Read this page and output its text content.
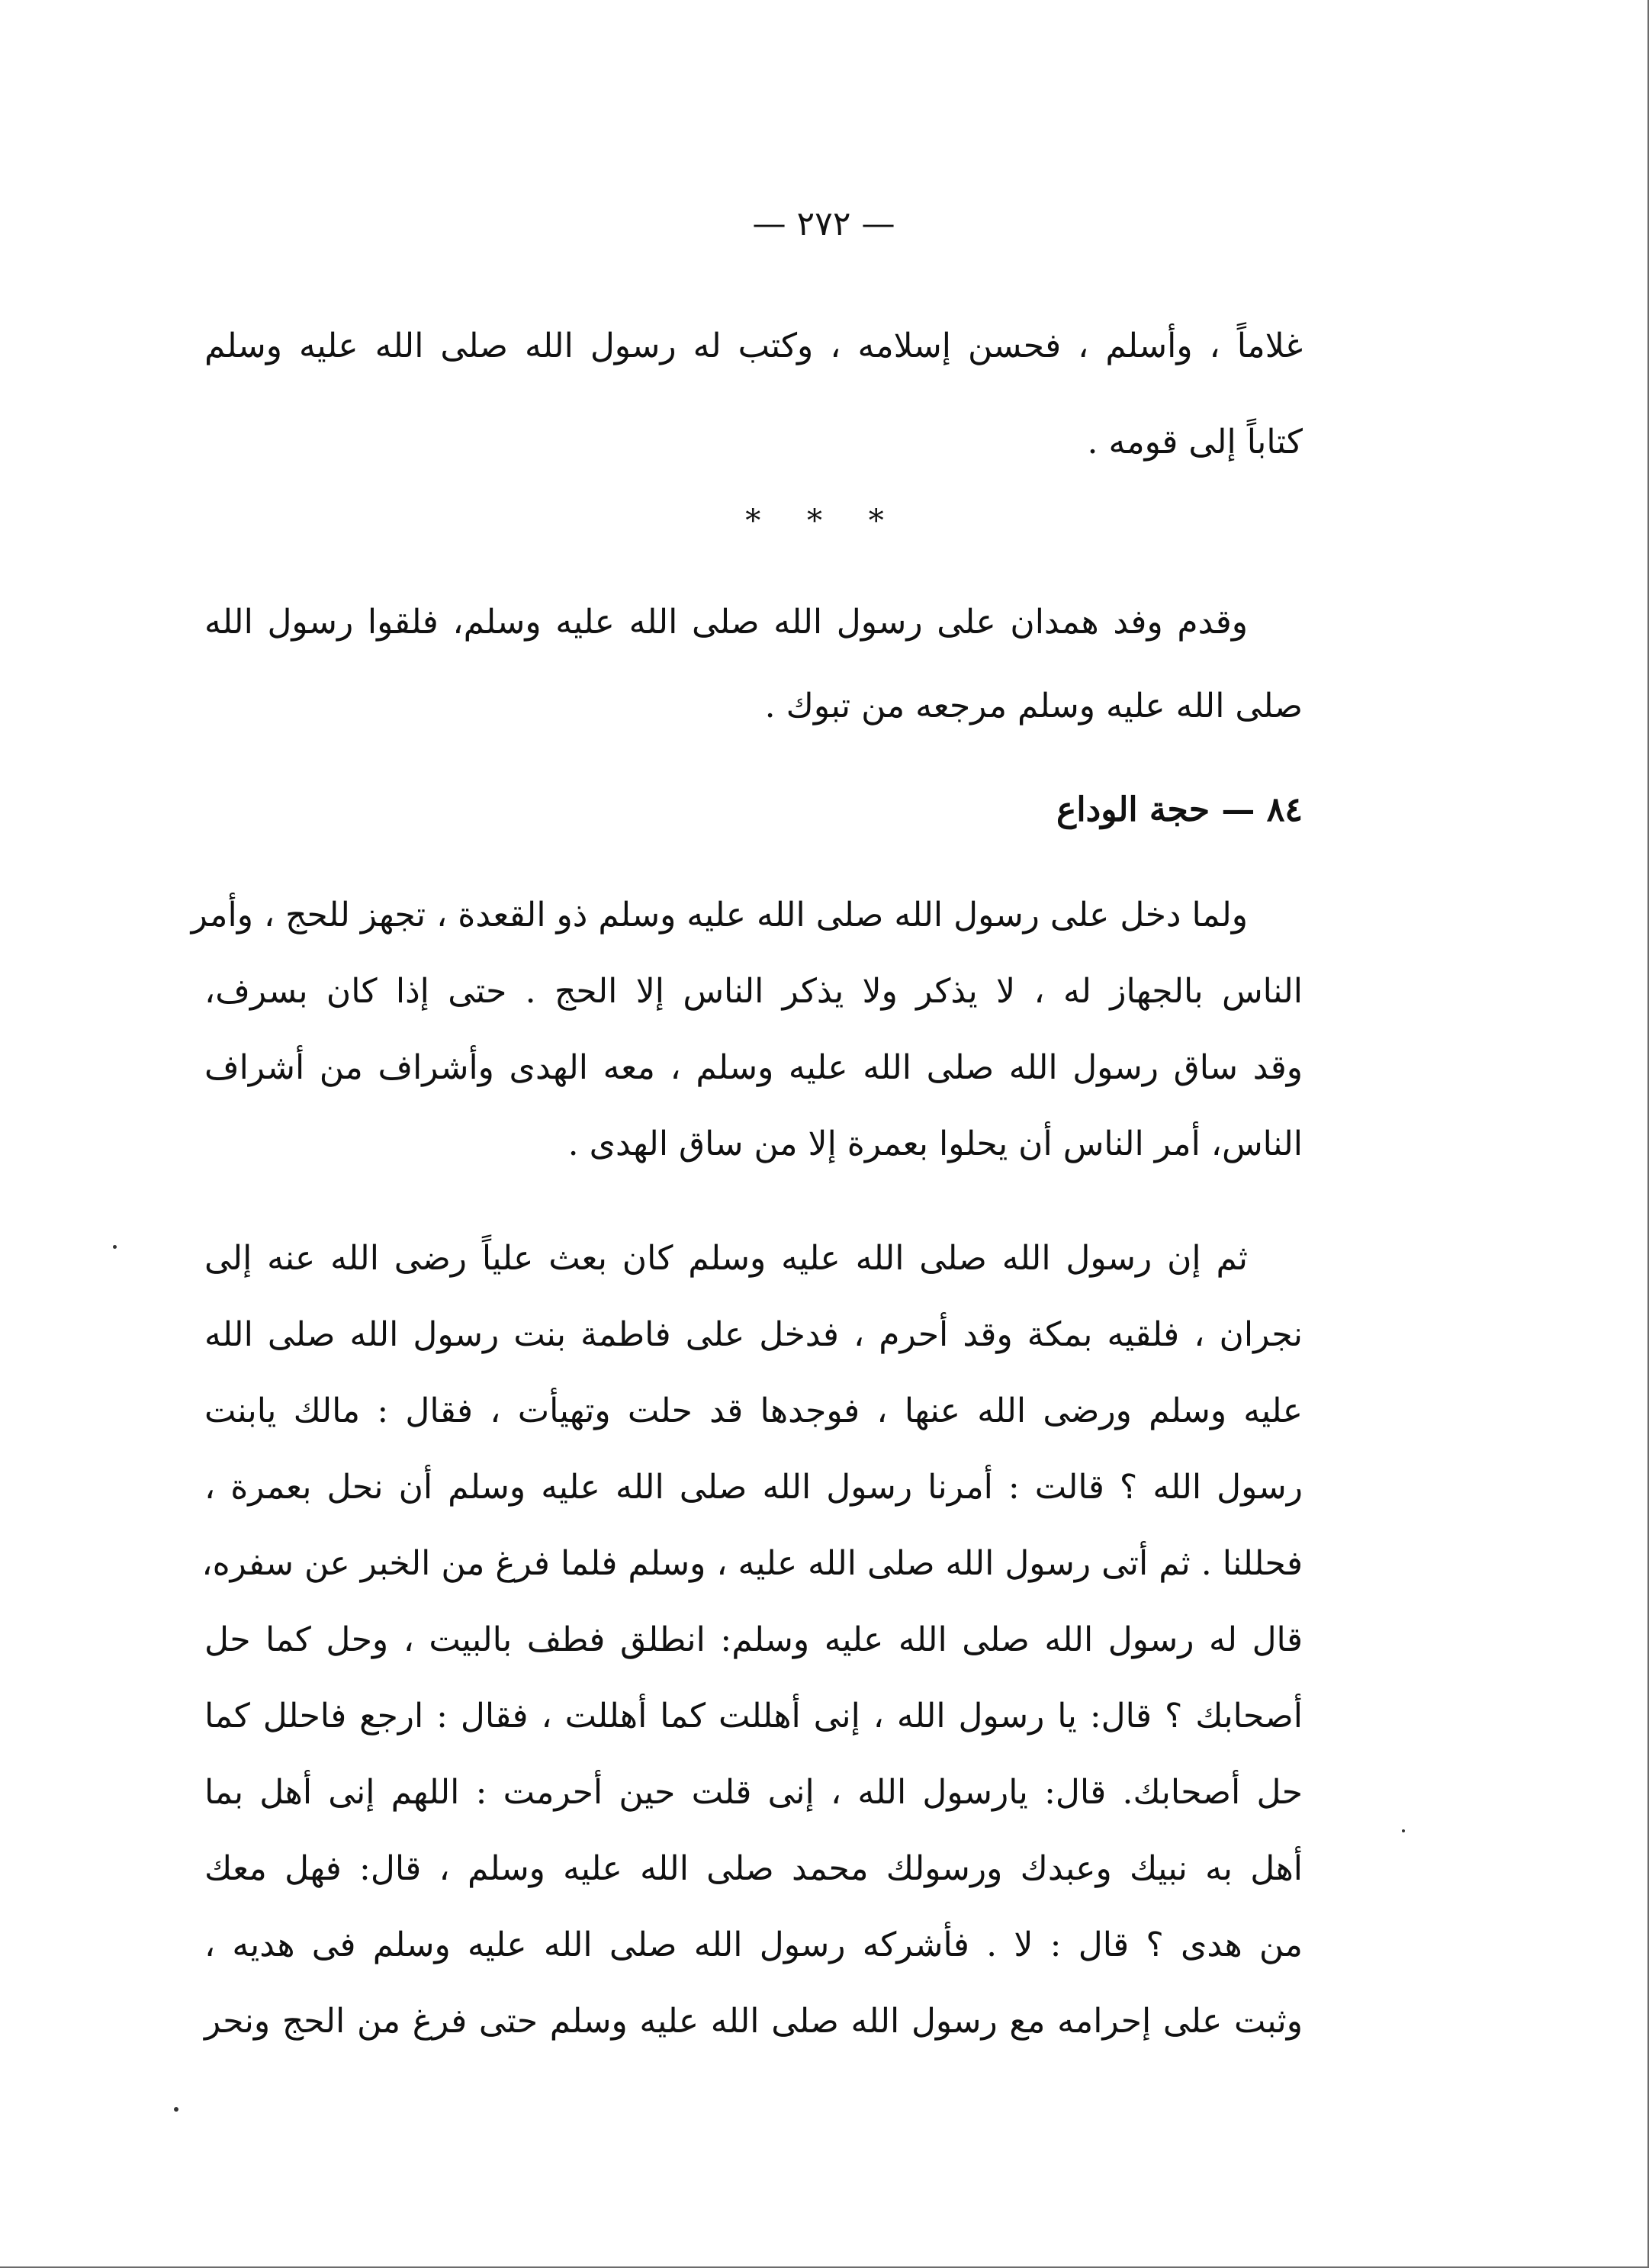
— ٢٧٢ —
غلاماً ، وأسلم ، فحسن إسلامه ، وكتب له رسول الله صلى الله عليه وسلم
كتاباً إلى قومه .
* * *
وقدم وفد همدان على رسول الله صلى الله عليه وسلم، فلقوا رسول الله
صلى الله عليه وسلم مرجعه من تبوك .
٨٤ — حجة الوداع
ولما دخل على رسول الله صلى الله عليه وسلم ذو القعدة ، تجهز للحج ، وأمر
الناس بالجهاز له ، لا يذكر ولا يذكر الناس إلا الحج . حتى إذا كان بسرف،
وقد ساق رسول الله صلى الله عليه وسلم ، معه الهدى وأشراف من أشراف
الناس، أمر الناس أن يحلوا بعمرة إلا من ساق الهدى .
ثم إن رسول الله صلى الله عليه وسلم كان بعث علياً رضى الله عنه إلى
نجران ، فلقيه بمكة وقد أحرم ، فدخل على فاطمة بنت رسول الله صلى الله
عليه وسلم ورضى الله عنها ، فوجدها قد حلت وتهيأت ، فقال : مالك يابنت
رسول الله ؟ قالت : أمرنا رسول الله صلى الله عليه وسلم أن نحل بعمرة ،
فحللنا . ثم أتى رسول الله صلى الله عليه ، وسلم فلما فرغ من الخبر عن سفره،
قال له رسول الله صلى الله عليه وسلم: انطلق فطف بالبيت ، وحل كما حل
أصحابك ؟ قال: يا رسول الله ، إنى أهللت كما أهللت ، فقال : ارجع فاحلل كما
حل أصحابك. قال: يارسول الله ، إنى قلت حين أحرمت : اللهم إنى أهل بما
أهل به نبيك وعبدك ورسولك محمد صلى الله عليه وسلم ، قال: فهل معك
من هدى ؟ قال : لا . فأشركه رسول الله صلى الله عليه وسلم فى هديه ،
وثبت على إحرامه مع رسول الله صلى الله عليه وسلم حتى فرغ من الحج ونحر
